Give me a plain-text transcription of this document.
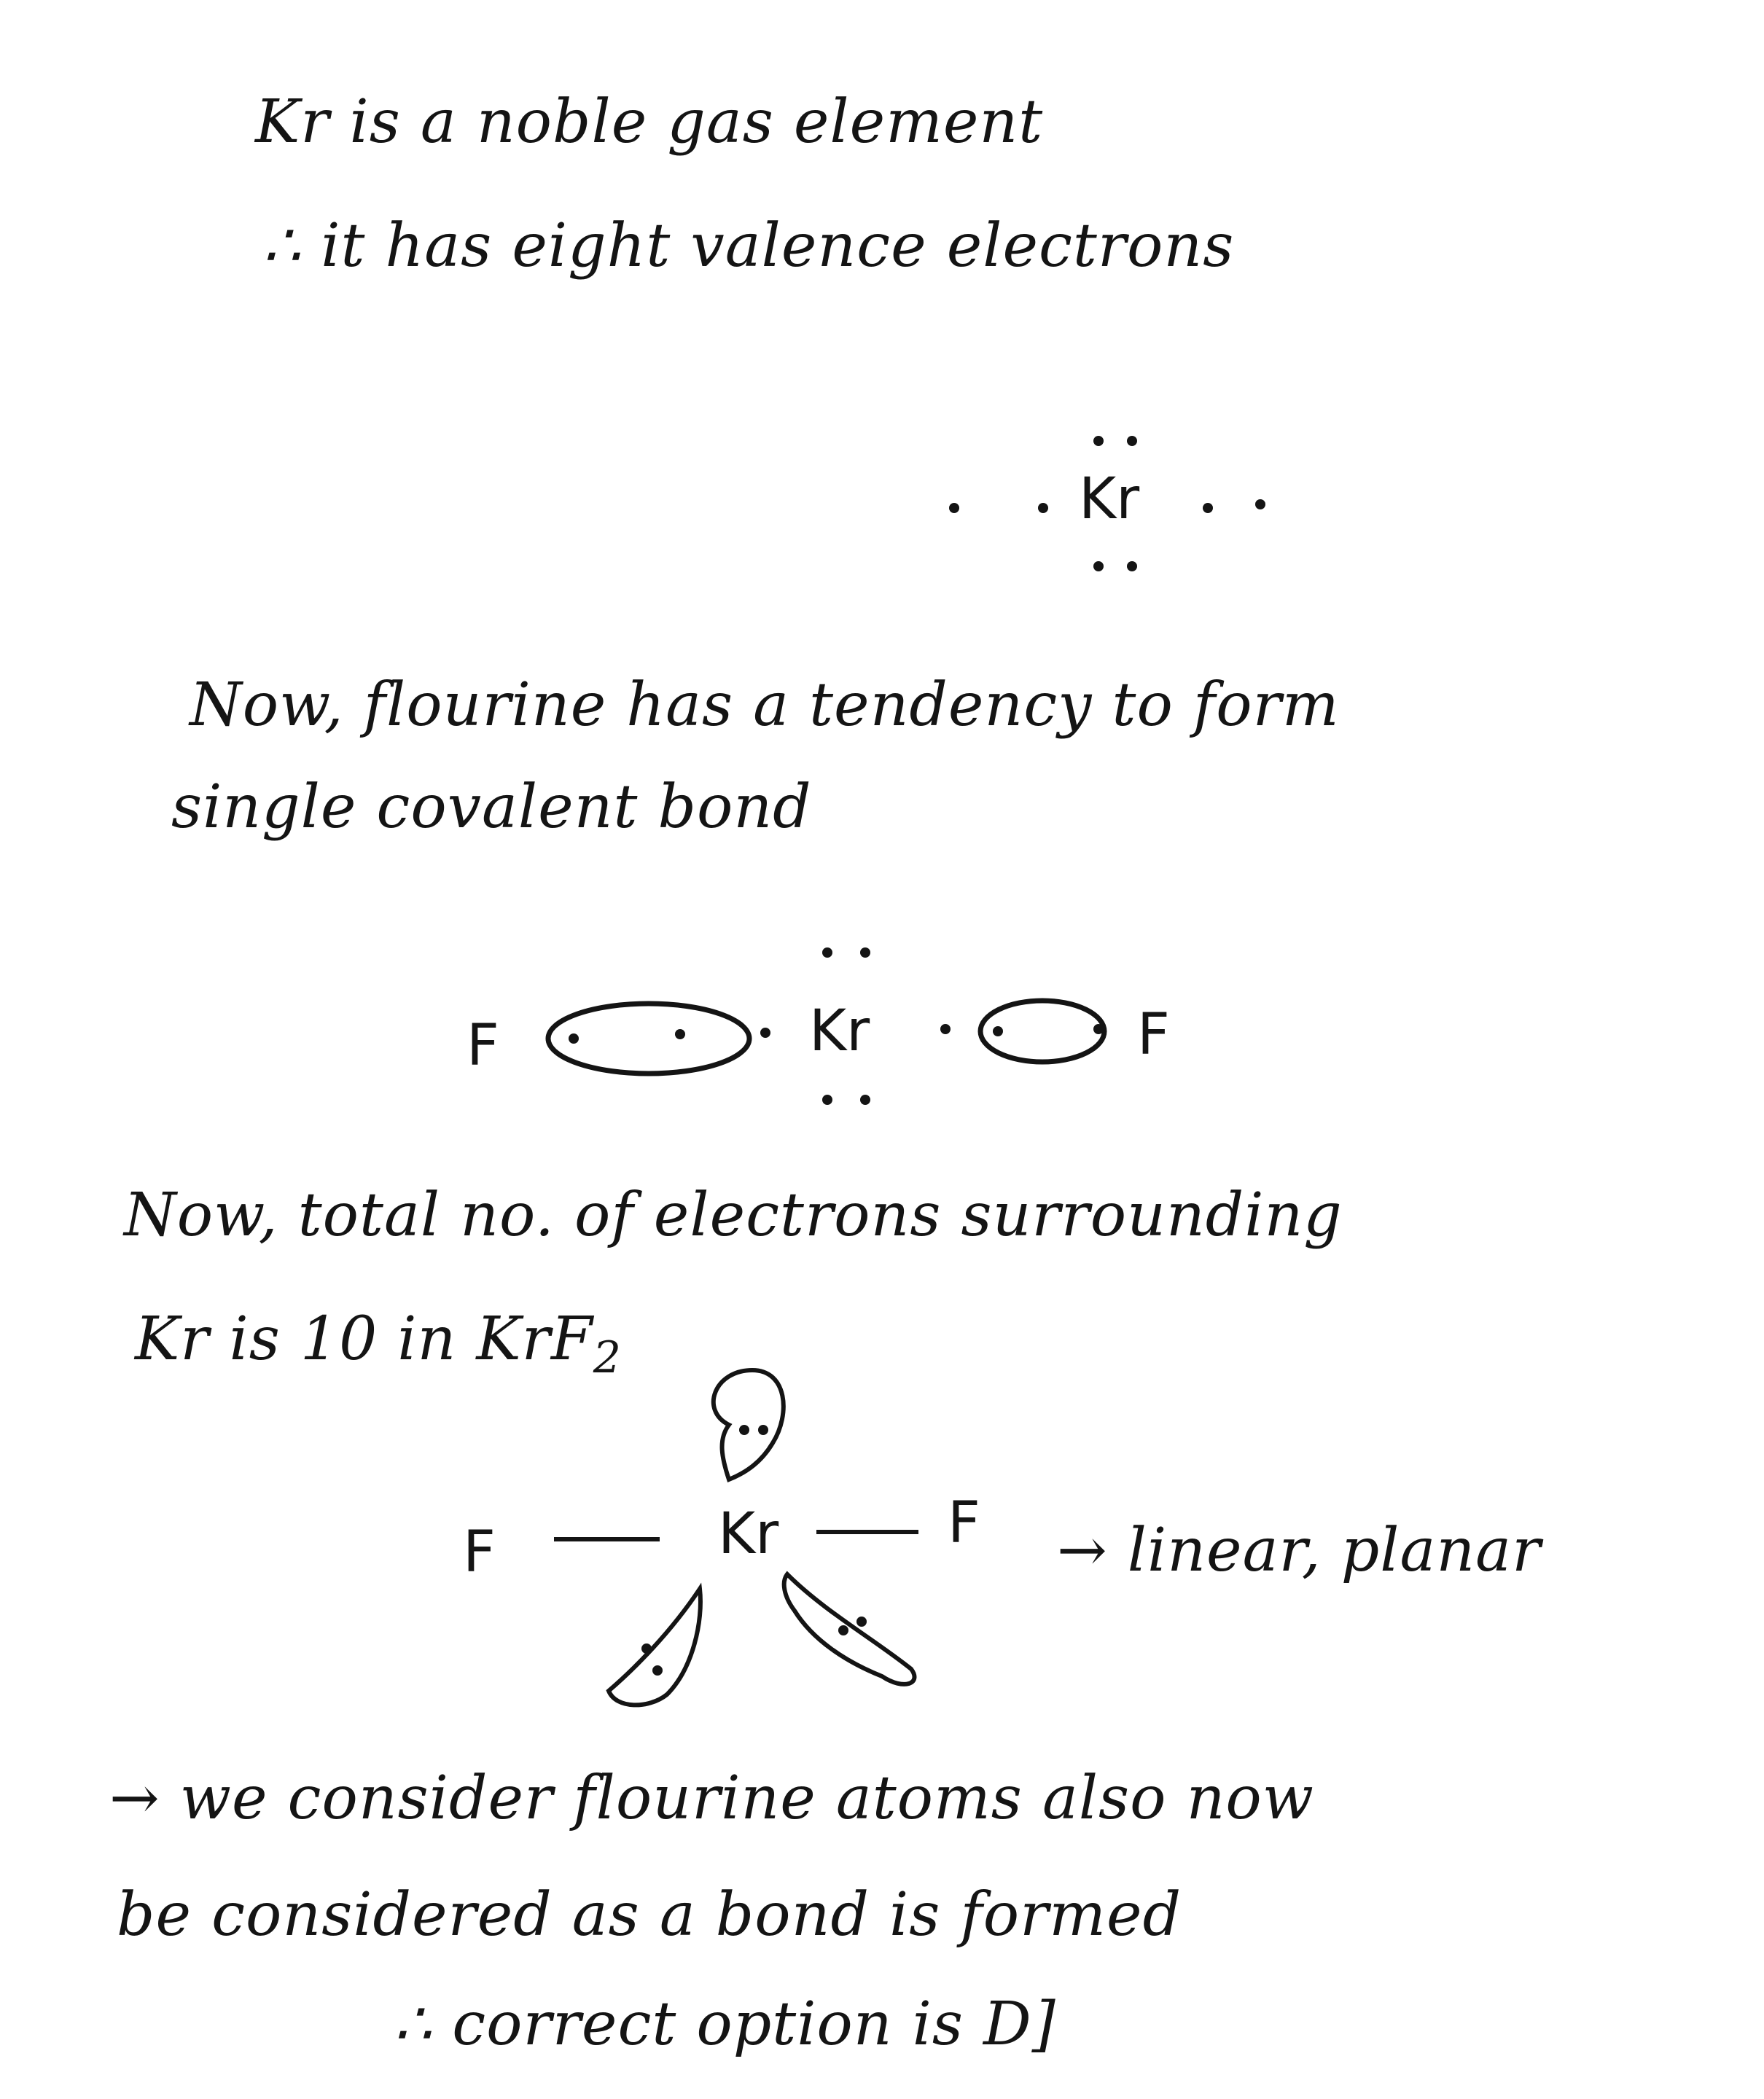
Kr is a noble gas element
∴ it has eight valence electrons
Kr
Now, flourine has a tendency to form
single covalent bond
F	Kr	F
Now, total no. of electrons surrounding
Kr is 10 in KrF$_2$
F	Kr	F → linear, planar
→ we consider flourine atoms also now
be considered as a bond is formed
∴ correct option is D]
